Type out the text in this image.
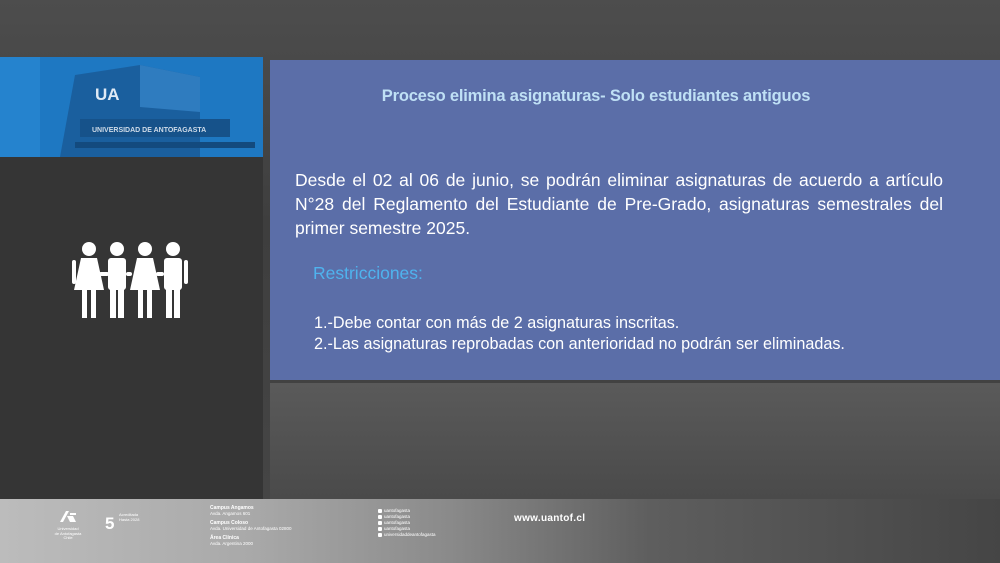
UA
UNIVERSIDAD DE ANTOFAGASTA
Proceso elimina asignaturas- Solo estudiantes antiguos
Desde el 02 al 06 de junio, se podrán eliminar asignaturas de acuerdo a artículo N°28 del Reglamento del Estudiante de Pre-Grado, asignaturas semestrales del primer semestre 2025.
Restricciones:
1.-Debe contar con más de 2 asignaturas inscritas.
2.-Las asignaturas reprobadas con anterioridad no podrán ser eliminadas.
Universidad
de Antofagasta
Chile
5 Acreditada
Hasta 2028
Campus Angamos
Avda. Angamos 601
Campus Coloso
Avda. Universidad de Antofagasta 02800
Área Clínica
Avda. Argentina 2000
uantofagasta
uantofagasta
uantofagasta
uantofagasta
universidaddeantofagasta
www.uantof.cl
